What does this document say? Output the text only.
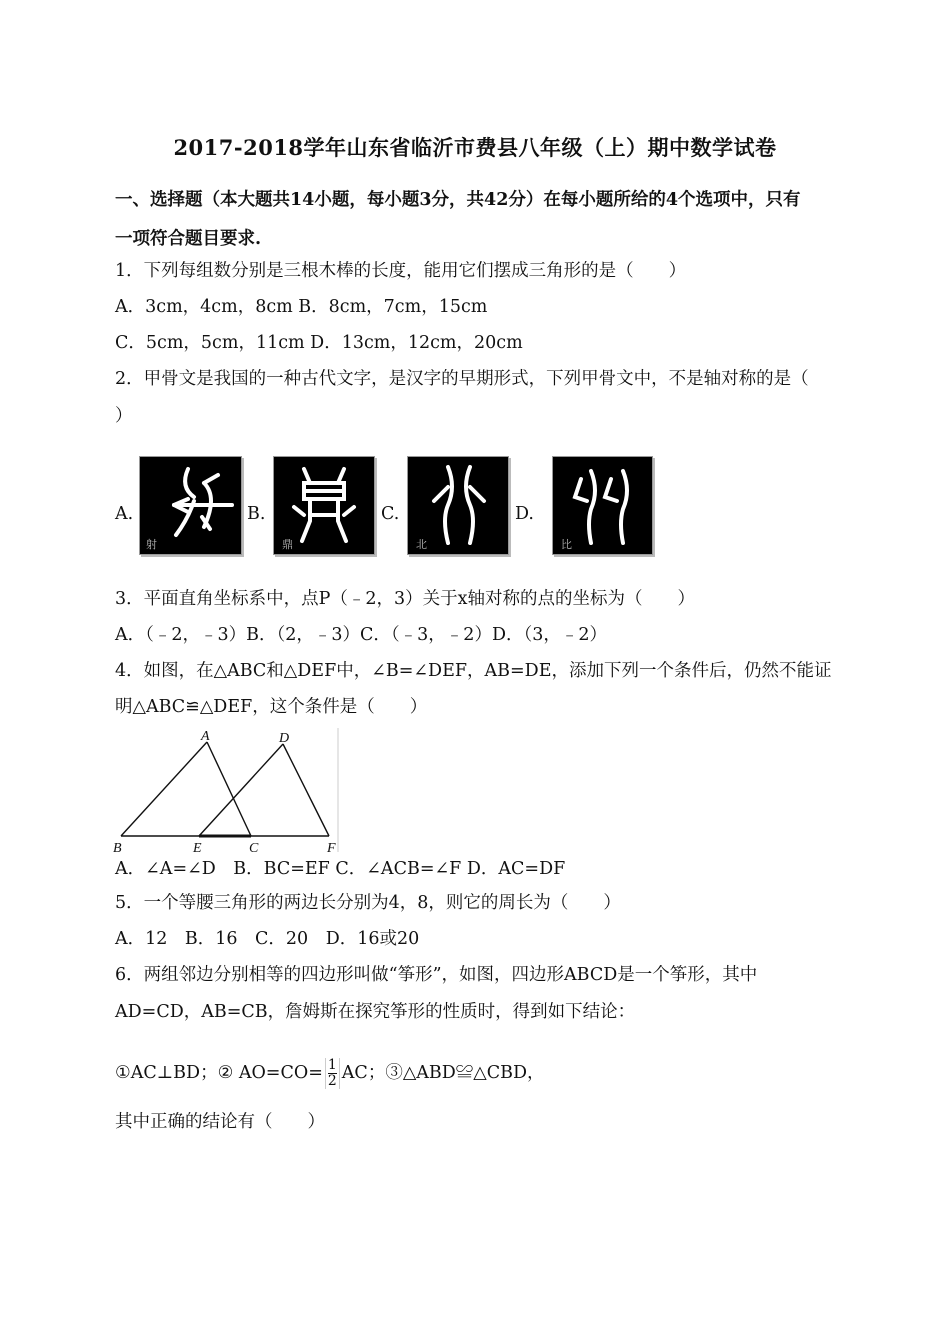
2017-2018学年山东省临沂市费县八年级（上）期中数学试卷
一、选择题（本大题共14小题，每小题3分，共42分）在每小题所给的4个选项中，只有
一项符合题目要求.
1．下列每组数分别是三根木棒的长度，能用它们摆成三角形的是（　　）
A．3cm，4cm，8cm B．8cm，7cm，15cm
C．5cm，5cm，11cm D．13cm，12cm，20cm
2．甲骨文是我国的一种古代文字，是汉字的早期形式，下列甲骨文中，不是轴对称的是（
）
A.
射
B.
鼎
C.
北
D.
比
3．平面直角坐标系中，点P（﹣2，3）关于x轴对称的点的坐标为（　　）
A．（﹣2，﹣3）B．（2，﹣3）C．（﹣3，﹣2）D．（3，﹣2）
4．如图，在△ABC和△DEF中，∠B=∠DEF，AB=DE，添加下列一个条件后，仍然不能证
明△ABC≌△DEF，这个条件是（　　）
A	D
B	E	C	F
A．∠A=∠D　B．BC=EF C．∠ACB=∠F D．AC=DF
5．一个等腰三角形的两边长分别为4，8，则它的周长为（　　）
A．12　B．16　C．20　D．16或20
6．两组邻边分别相等的四边形叫做“筝形”，如图，四边形ABCD是一个筝形，其中
AD=CD，AB=CB，詹姆斯在探究筝形的性质时，得到如下结论：
①AC⊥BD；② $AO=CO= \frac{1}{2}$ AC；③△ABD≌△CBD，
其中正确的结论有（　　）
